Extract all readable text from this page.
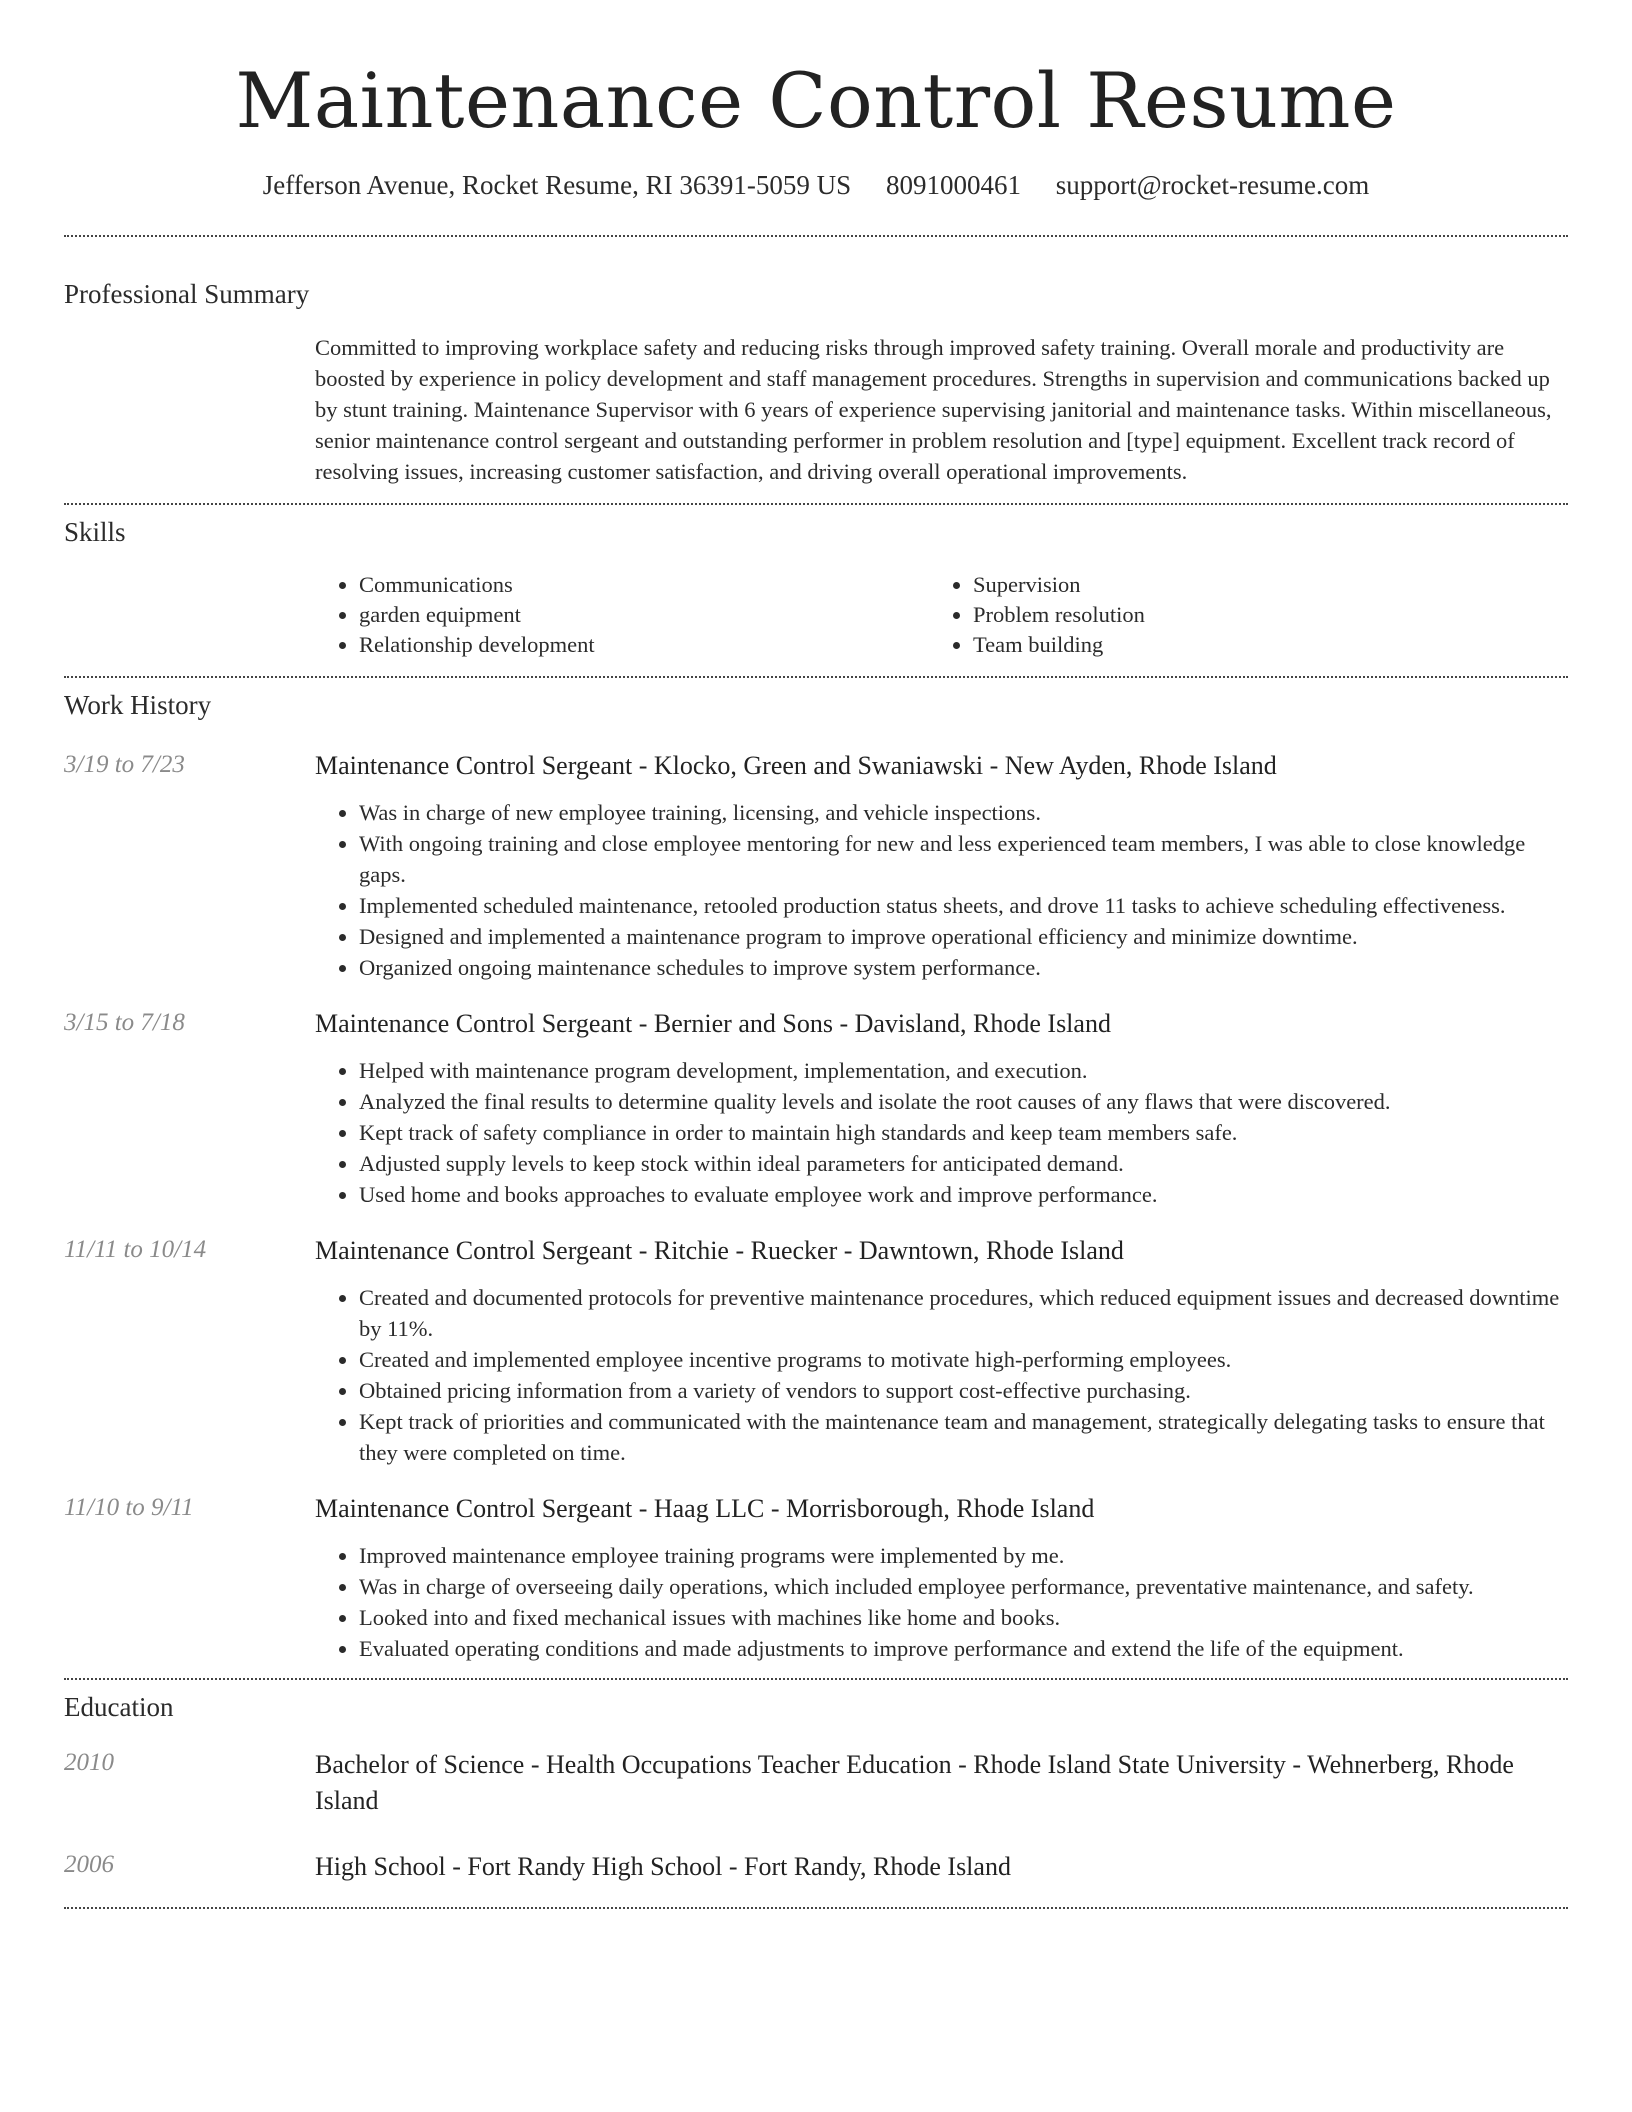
Maintenance Control Resume
Jefferson Avenue, Rocket Resume, RI 36391-5059 US 8091000461 support@rocket-resume.com
Professional Summary
Committed to improving workplace safety and reducing risks through improved safety training. Overall morale and productivity are boosted by experience in policy development and staff management procedures. Strengths in supervision and communications backed up by stunt training. Maintenance Supervisor with 6 years of experience supervising janitorial and maintenance tasks. Within miscellaneous, senior maintenance control sergeant and outstanding performer in problem resolution and [type] equipment. Excellent track record of resolving issues, increasing customer satisfaction, and driving overall operational improvements.
Skills
• Communications
• garden equipment
• Relationship development
• Supervision
• Problem resolution
• Team building
Work History
3/19 to 7/23	Maintenance Control Sergeant - Klocko, Green and Swaniawski - New Ayden, Rhode Island
• Was in charge of new employee training, licensing, and vehicle inspections.
• With ongoing training and close employee mentoring for new and less experienced team members, I was able to close knowledge gaps.
• Implemented scheduled maintenance, retooled production status sheets, and drove 11 tasks to achieve scheduling effectiveness.
• Designed and implemented a maintenance program to improve operational efficiency and minimize downtime.
• Organized ongoing maintenance schedules to improve system performance.
3/15 to 7/18	Maintenance Control Sergeant - Bernier and Sons - Davisland, Rhode Island
• Helped with maintenance program development, implementation, and execution.
• Analyzed the final results to determine quality levels and isolate the root causes of any flaws that were discovered.
• Kept track of safety compliance in order to maintain high standards and keep team members safe.
• Adjusted supply levels to keep stock within ideal parameters for anticipated demand.
• Used home and books approaches to evaluate employee work and improve performance.
11/11 to 10/14	Maintenance Control Sergeant - Ritchie - Ruecker - Dawntown, Rhode Island
• Created and documented protocols for preventive maintenance procedures, which reduced equipment issues and decreased downtime by 11%.
• Created and implemented employee incentive programs to motivate high-performing employees.
• Obtained pricing information from a variety of vendors to support cost-effective purchasing.
• Kept track of priorities and communicated with the maintenance team and management, strategically delegating tasks to ensure that they were completed on time.
11/10 to 9/11	Maintenance Control Sergeant - Haag LLC - Morrisborough, Rhode Island
• Improved maintenance employee training programs were implemented by me.
• Was in charge of overseeing daily operations, which included employee performance, preventative maintenance, and safety.
• Looked into and fixed mechanical issues with machines like home and books.
• Evaluated operating conditions and made adjustments to improve performance and extend the life of the equipment.
Education
2010	Bachelor of Science - Health Occupations Teacher Education - Rhode Island State University - Wehnerberg, Rhode Island
2006	High School - Fort Randy High School - Fort Randy, Rhode Island
